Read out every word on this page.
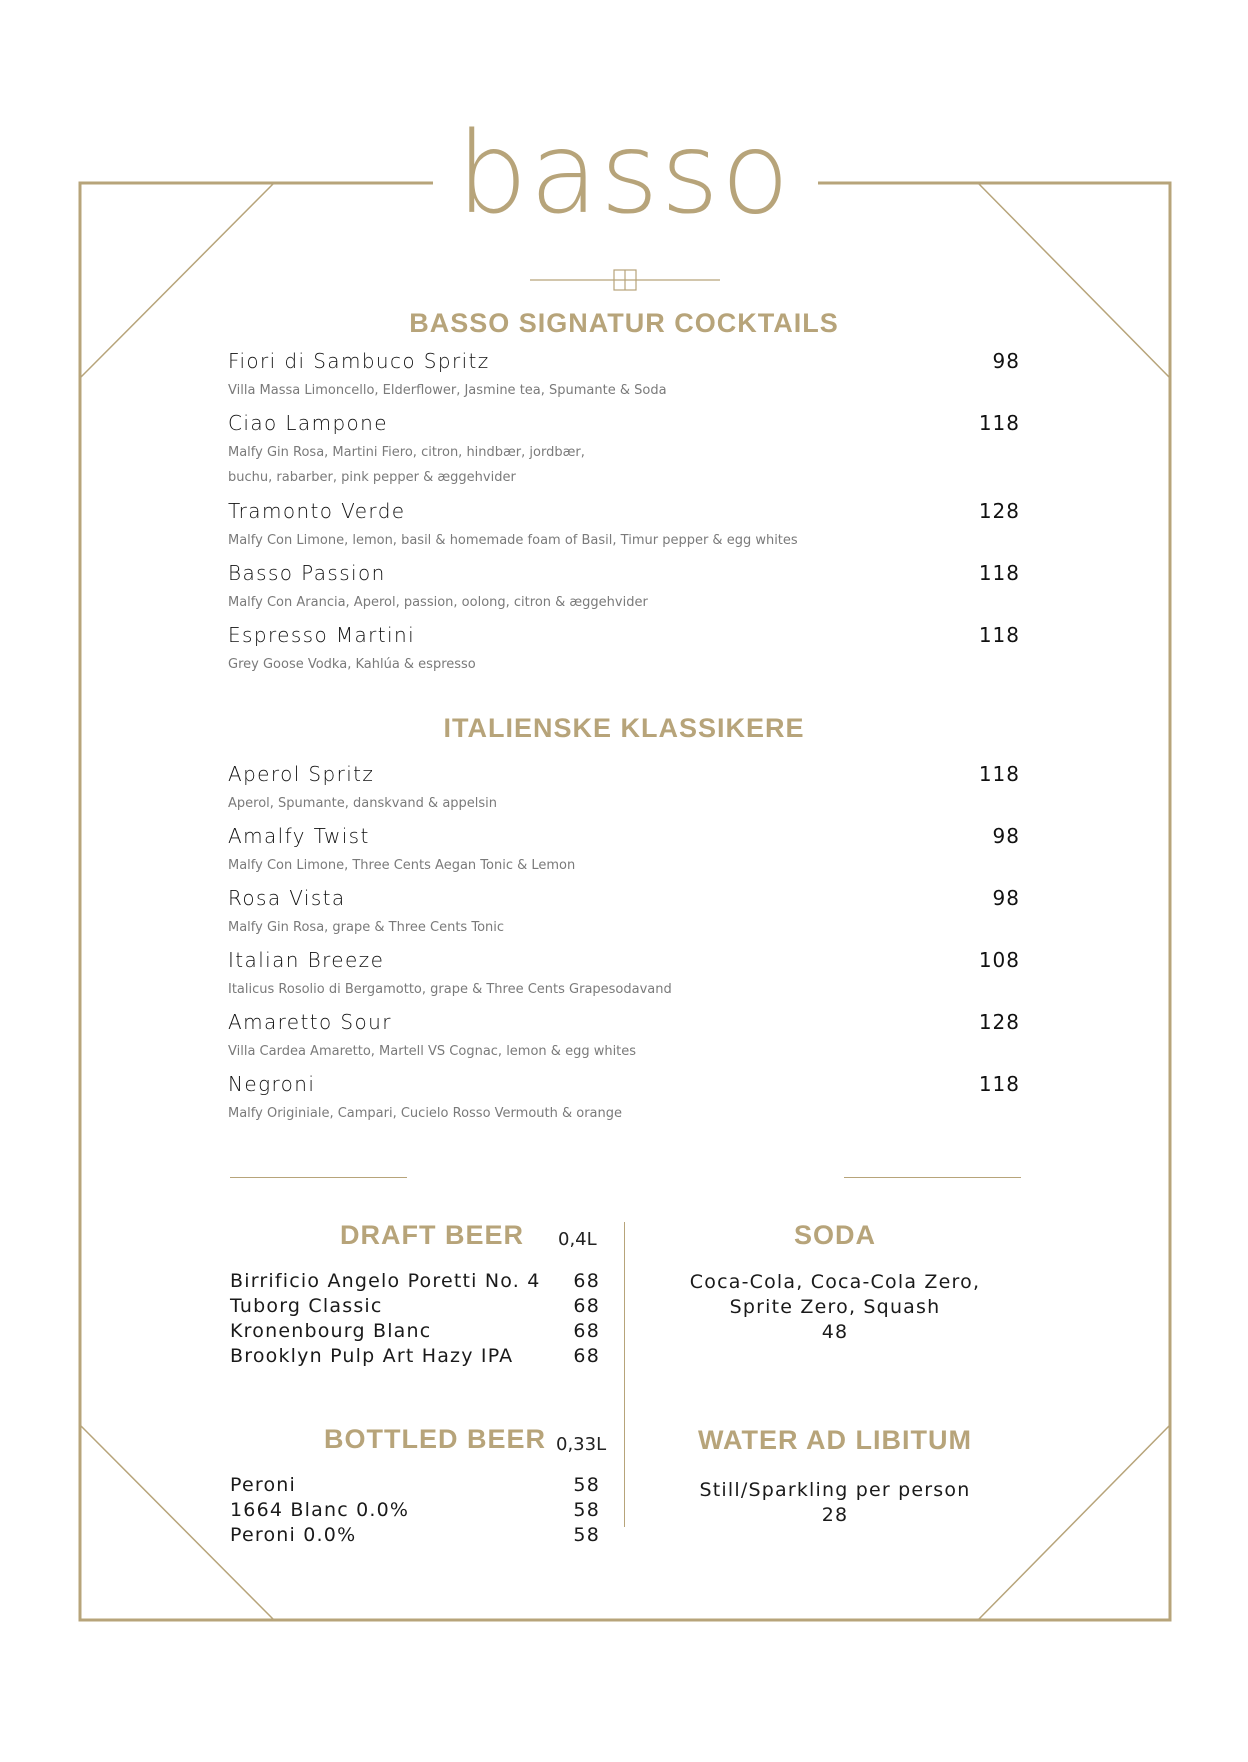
basso
BASSO SIGNATUR COCKTAILS
Fiori di Sambuco Spritz	98
Villa Massa Limoncello, Elderflower, Jasmine tea, Spumante & Soda
Ciao Lampone	118
Malfy Gin Rosa, Martini Fiero, citron, hindbær, jordbær,
buchu, rabarber, pink pepper & æggehvider
Tramonto Verde	128
Malfy Con Limone, lemon, basil & homemade foam of Basil, Timur pepper & egg whites
Basso Passion	118
Malfy Con Arancia, Aperol, passion, oolong, citron & æggehvider
Espresso Martini	118
Grey Goose Vodka, Kahlúa & espresso
ITALIENSKE KLASSIKERE
Aperol Spritz	118
Aperol, Spumante, danskvand & appelsin
Amalfy Twist	98
Malfy Con Limone, Three Cents Aegan Tonic & Lemon
Rosa Vista	98
Malfy Gin Rosa, grape & Three Cents Tonic
Italian Breeze	108
Italicus Rosolio di Bergamotto, grape & Three Cents Grapesodavand
Amaretto Sour	128
Villa Cardea Amaretto, Martell VS Cognac, lemon & egg whites
Negroni	118
Malfy Originiale, Campari, Cucielo Rosso Vermouth & orange
DRAFT BEER 0,4L
Birrificio Angelo Poretti No. 4 68
Tuborg Classic	68
Kronenbourg Blanc	68
Brooklyn Pulp Art Hazy IPA	68
BOTTLED BEER 0,33L
Peroni	58
1664 Blanc 0.0%	58
Peroni 0.0%	58
SODA
Coca-Cola, Coca-Cola Zero,
Sprite Zero, Squash
48
WATER AD LIBITUM
Still/Sparkling per person
28
